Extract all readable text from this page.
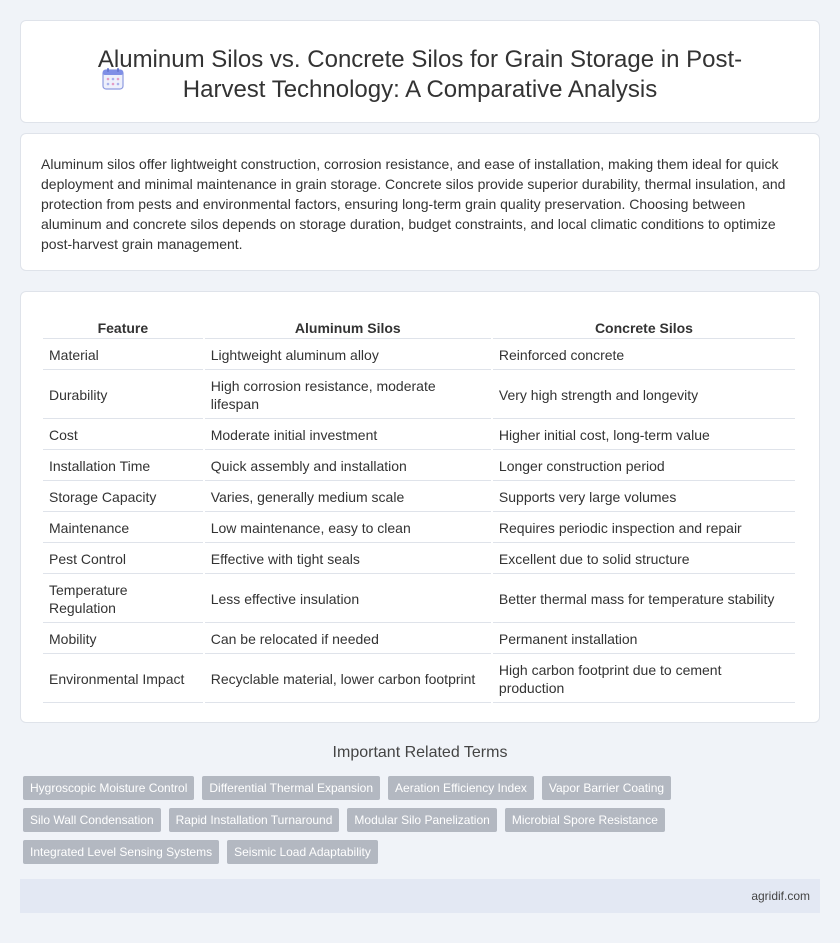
Aluminum Silos vs. Concrete Silos for Grain Storage in Post-Harvest Technology: A Comparative Analysis

Aluminum silos offer lightweight construction, corrosion resistance, and ease of installation, making them ideal for quick deployment and minimal maintenance in grain storage. Concrete silos provide superior durability, thermal insulation, and protection from pests and environmental factors, ensuring long-term grain quality preservation. Choosing between aluminum and concrete silos depends on storage duration, budget constraints, and local climatic conditions to optimize post-harvest grain management.

Feature	Aluminum Silos	Concrete Silos
Material	Lightweight aluminum alloy	Reinforced concrete
Durability	High corrosion resistance, moderate lifespan	Very high strength and longevity
Cost	Moderate initial investment	Higher initial cost, long-term value
Installation Time	Quick assembly and installation	Longer construction period
Storage Capacity	Varies, generally medium scale	Supports very large volumes
Maintenance	Low maintenance, easy to clean	Requires periodic inspection and repair
Pest Control	Effective with tight seals	Excellent due to solid structure
Temperature Regulation	Less effective insulation	Better thermal mass for temperature stability
Mobility	Can be relocated if needed	Permanent installation
Environmental Impact	Recyclable material, lower carbon footprint	High carbon footprint due to cement production
Important Related Terms
Hygroscopic Moisture Control	Differential Thermal Expansion	Aeration Efficiency Index	Vapor Barrier Coating
Silo Wall Condensation	Rapid Installation Turnaround	Modular Silo Panelization	Microbial Spore Resistance
Integrated Level Sensing Systems	Seismic Load Adaptability
agridif.com
